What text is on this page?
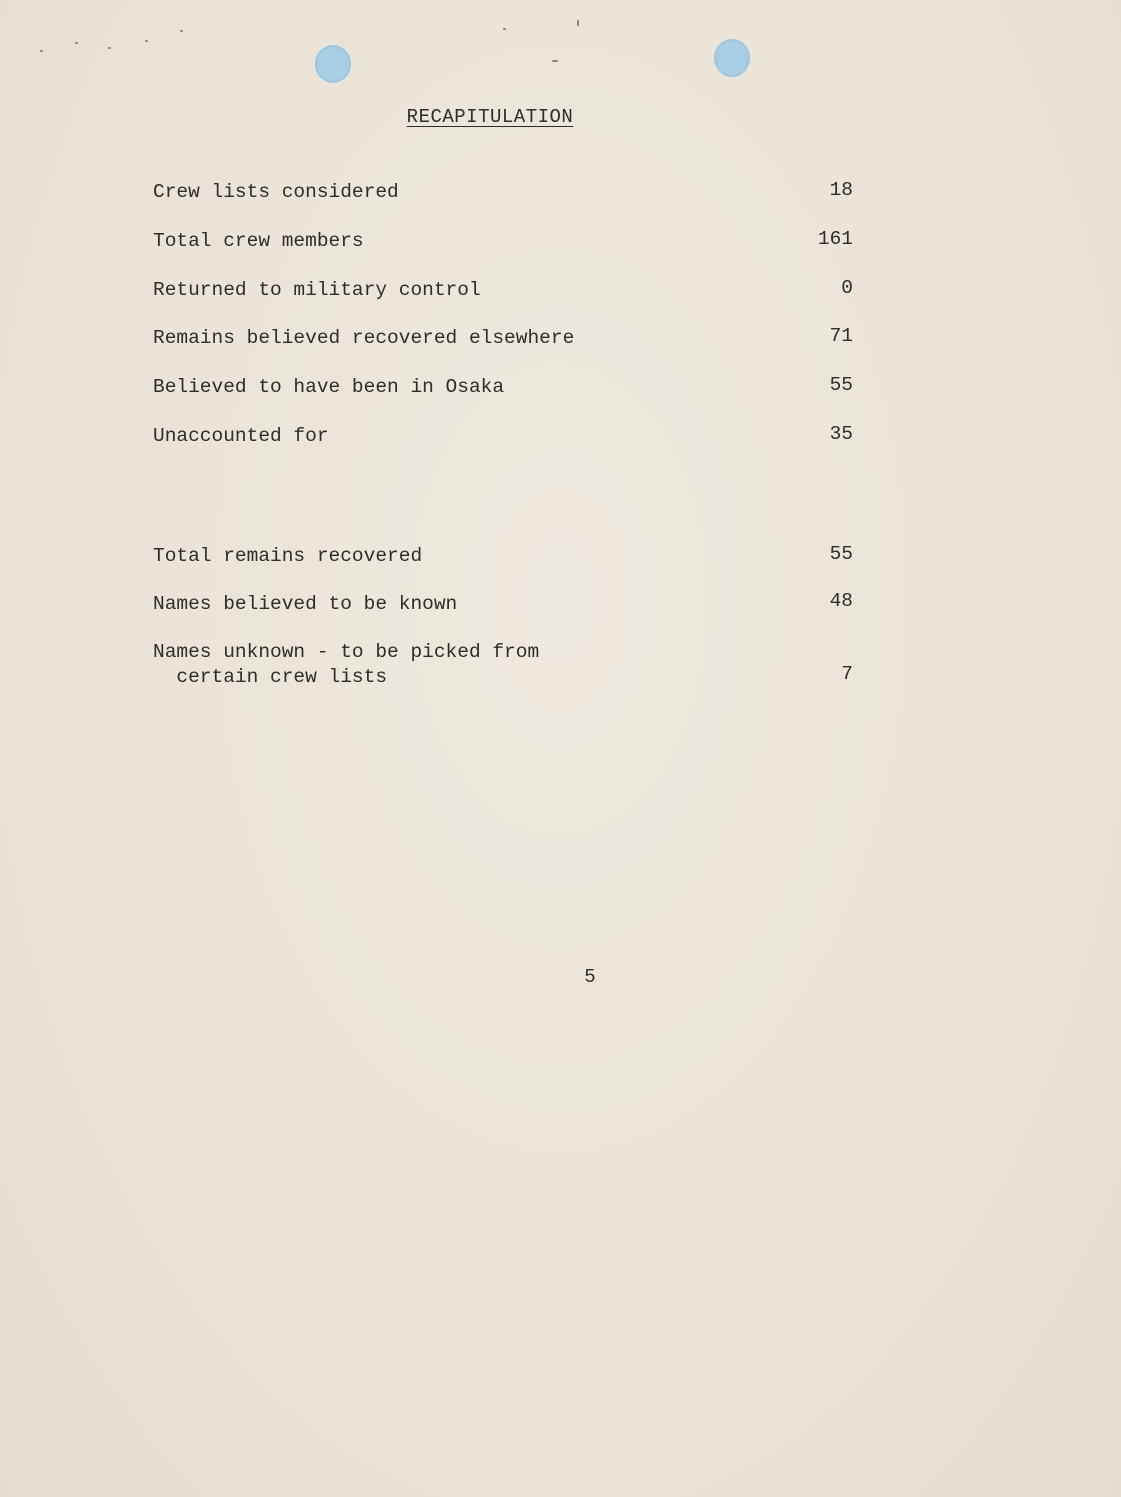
RECAPITULATION
Crew lists considered	18
Total crew members	161
Returned to military control	0
Remains believed recovered elsewhere	71
Believed to have been in Osaka	55
Unaccounted for	35
Total remains recovered	55
Names believed to be known	48
Names unknown - to be picked from
certain crew lists	7
5
